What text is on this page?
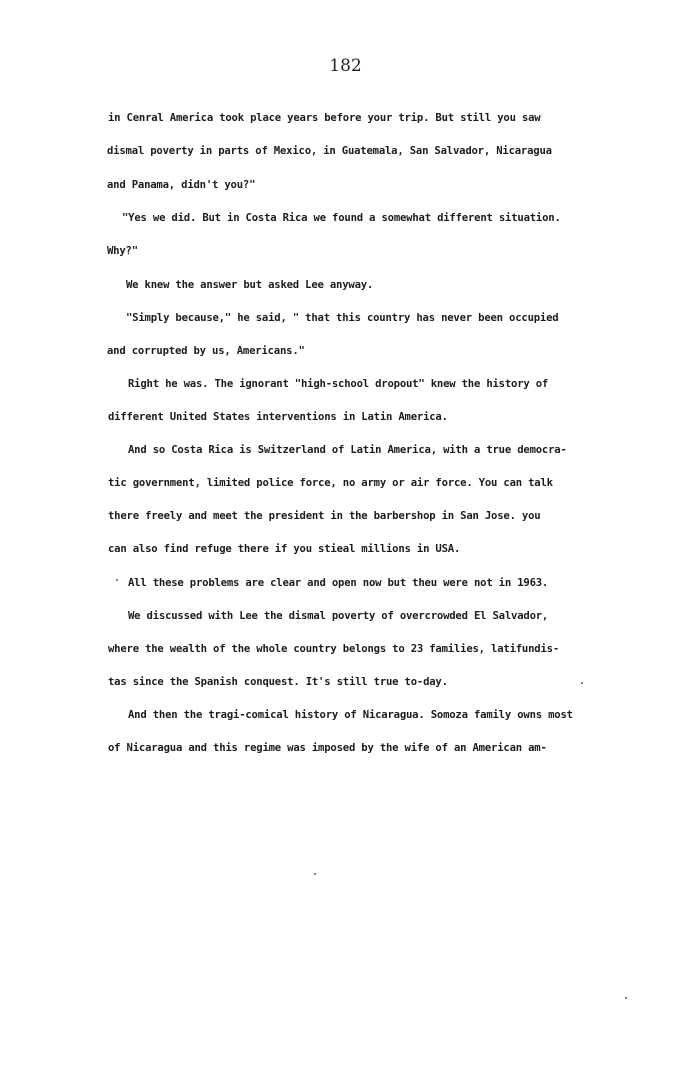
182
in Cenral America took place years before your trip. But still you saw
dismal poverty in parts of Mexico, in Guatemala, San Salvador, Nicaragua
and Panama, didn't you?"
"Yes we did. But in Costa Rica we found a somewhat different situation.
Why?"
We knew the answer but asked Lee anyway.
"Simply because," he said, " that this country has never been occupied
and corrupted by us, Americans."
Right he was. The ignorant "high-school dropout" knew the history of
different United States interventions in Latin America.
And so Costa Rica is Switzerland of Latin America, with a true democra-
tic government, limited police force, no army or air force. You can talk
there freely and meet the president in the barbershop in San Jose. you
can also find refuge there if you stieal millions in USA.
All these problems are clear and open now but theu were not in 1963.
We discussed with Lee the dismal poverty of overcrowded El Salvador,
where the wealth of the whole country belongs to 23 families, latifundis-
tas since the Spanish conquest. It's still true to-day.
And then the tragi-comical history of Nicaragua. Somoza family owns most
of Nicaragua and this regime was imposed by the wife of an American am-
